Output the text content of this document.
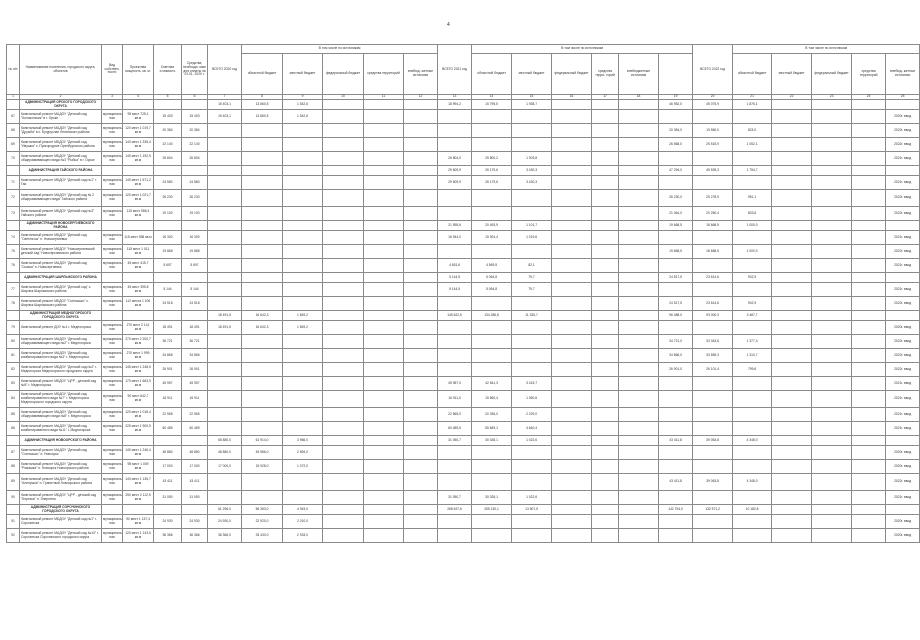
4
№ п/п	Наименование поселения, городского округа, объектов	Вид собствен- ности	Проектная мощность, кв. м.	Сметная стоимость	Средства, необходи- мые для оплаты на 01.01. 2020 г.	ВСЕГО 2020 год	В том числе по источникам					ВСЕГО 2021 год	В том числе по источникам						ВСЕГО 2022 год	В том числе по источникам	
							областной бюджет	местный бюджет	федеральный бюджет	средства территорий	внебюд- жетные источники		областной бюджет	местный бюджет	федеральный бюджет	средства терри- торий	внебюджетные источники			областной бюджет	местный бюджет	федеральный бюджет	средства территорий	внебюд- жетные источники	
1	2	3	4	5	6	7	8	9	10	11	12	13	14	15	16	17	18	19	20	21	22	23	24	25	
	АДМИНИСТРАЦИЯ ОРСКОГО ГОРОДСКОГО ОКРУГА					15 403,1	13 860,5	1 542,6				18 994,2	15 795,5	1 938,7				46 952,0	45 075,9	1 876,1					
67	Капитальный ремонт МАДОУ "Детский сад "Колокольчик" в г. Орске	муниципаль- ная	95 мест 725,1 кв.м	15 403	15 403	15 403,1	13 860,5	1 542,6																2020г. ввод	
68	Капитальный ремонт МАДОУ "Детский сад "Дружба" в с. Бугуруслан Ленинского района	муниципаль- ная	120 мест 1 019,7 кв.м	20 384	20 384													20 384,0	19 560,0	824,0				2022г. ввод	
69	Капитальный ремонт МБДОУ "Детский сад "Ивушка" с. Пригородное Оренбургского района	муниципаль- ная	140 мест 1 335,4 кв.м	22 140	22 140													26 568,0	25 515,9	1 052,1				2022г. ввод	
70	Капитальный ремонт МБДОУ "Детский сад общеразвивающего вида №3 "Рыбка" в г. Орске	муниципаль- ная	140 мест 1 192,9 кв.м	26 804	26 804							26 804,0	25 800,2	1 003,8										2021г. ввод	
	АДМИНИСТРАЦИЯ ГАЙСКОГО РАЙОНА											29 609,9	26 179,6	3 430,3				47 294,0	45 539,3	1 754,7					
71	Капитальный ремонт МБДОУ "Детский сад №1" г. Гая	муниципаль- ная	140 мест 1 571,2 кв.м	24 580	24 580							29 609,9	26 179,6	3 430,3										2021г. ввод	
72	Капитальный ремонт МАДОУ "Детский сад № 2 общеразвивающего вида" Гайского района	муниципаль- ная	120 мест 1 021,7 кв.м	26 230	26 230													26 230,0	25 278,9	951,1				2022г. ввод	
73	Капитальный ремонт МБДОУ "Детский сад №3" Гайского района	муниципаль- ная	115 мест 986,4 кв.м	19 100	19 100													21 064,0	20 260,4	803,6				2022г. ввод	
	АДМИНИСТРАЦИЯ НОВОСЕРГИЕВСКОГО РАЙОНА											21 595,6	20 493,9	1 101,7				19 668,5	18 668,5	1 000,0					
74	Капитальный ремонт МБДОУ "Детский сад "Светлячок" п. Новосергиевка	муниципаль- ная	115 мест 958 кв.м	16 300	16 300							16 944,0	15 924,4	1 019,6										2021г. ввод	
75	Капитальный ремонт МБДОУ "Новосергиевский детский сад" Новосергиевского района	муниципаль- ная	115 мест 1 011 кв.м	19 868	19 868													19 668,5	18 668,5	1 000,0				2022г. ввод	
76	Капитальный ремонт МАДОУ "Детский сад "Сказка" п. Новосергиевка	муниципаль- ная	45 мест 415,7 кв.м	5 697	5 697							4 651,6	4 569,5	82,1										2021г. ввод	
	АДМИНИСТРАЦИЯ ШАРЛЫКСКОГО РАЙОНА											5 144,5	5 064,8	79,7				24 517,5	23 614,6	902,9					
77	Капитальный ремонт МБДОУ "Детский сад" с. Шарлык Шарлыкского района	муниципаль- ная	45 мест 395,8 кв.м	5 144	5 144							5 144,5	5 064,8	79,7										2021г. ввод	
78	Капитальный ремонт МБДОУ "Солнышко" с. Шарлык Шарлыкского района	муниципаль- ная	112 места 1 106 кв.м	24 518	24 518													24 517,5	23 614,6	902,9				2022г. ввод	
	АДМИНИСТРАЦИЯ МЕДНОГОРСКОГО ГОРОДСКОГО ОКРУГА					18 491,5	16 642,3	1 849,2				145 622,5	134 286,8	11 335,7				96 488,0	93 000,3	3 487,7					
79	Капитальный ремонт ДОУ №1 г. Медногорска	муниципаль- ная	270 мест 2 141 кв.м	18 491	18 491	18 491,5	16 642,3	1 849,2																2020г. ввод	
80	Капитальный ремонт МАДОУ "Детский сад общеразвивающего вида №2" г. Медногорска	муниципаль- ная	270 мест 2 200,7 кв.м	36 721	36 721													34 721,0	33 343,6	1 377,4				2022г. ввод	
81	Капитальный ремонт МАДОУ "Детский сад комбинированного вида №3" г. Медногорска	муниципаль- ная	270 мест 1 999 кв.м	34 866	34 866													34 866,0	33 555,3	1 310,7				2022г. ввод	
82	Капитальный ремонт МБДОУ "Детский сад №4" г. Медногорска Медногорского городского округа	муниципаль- ная	145 мест 1 248,5 кв.м	26 901	26 901													26 901,0	26 101,4	799,6				2022г. ввод	
83	Капитальный ремонт МБДОУ "ЦРР - детский сад №5" г. Медногорска	муниципаль- ная	170 мест 1 663,9 кв.м	45 957	45 957							45 957,0	42 541,3	3 415,7										2021г. ввод	
84	Капитальный ремонт МБДОУ "Детский сад комбинированного вида №7" г. Медногорска Медногорского городского округа	муниципаль- ная	90 мест 642,7 кв.м	16 911	16 911							16 911,0	15 560,4	1 350,6										2021г. ввод	
85	Капитальный ремонт МАДОУ "Детский сад общеразвивающего вида №8" г. Медногорска	муниципаль- ная	120 мест 1 018,4 кв.м	22 565	22 565							22 565,0	20 336,0	2 229,0										2021г. ввод	
86	Капитальный ремонт МАДОУ "Детский сад комбинированного вида №11" г. Медногорска	муниципаль- ная	225 мест 1 900,9 кв.м	60 489	60 489							60 489,5	55 849,1	4 640,4										2021г. ввод	
	АДМИНИСТРАЦИЯ НОВООРСКОГО РАЙОНА					65 880,0	61 914,0	3 966,0				31 050,7	30 028,1	1 022,6				43 411,8	39 063,8	4 348,0					
87	Капитальный ремонт МАДОУ "Детский сад "Солнышко" п. Новоорск	муниципаль- ная	140 мест 1 246,4 кв.м	48 880	48 880	48 880,0	45 986,0	2 894,0																2020г. ввод	
88	Капитальный ремонт МАДОУ "Детский сад "Ромашка" п. Новоорск Новоорского района	муниципаль- ная	98 мест 1 009 кв.м	17 000	17 000	17 000,0	15 928,0	1 072,0																2020г. ввод	
89	Капитальный ремонт МАДОУ "Детский сад "Аленушка" п. Гранитный Новоорского района	муниципаль- ная	140 мест 1 135,7 кв.м	43 411	43 411													43 411,8	39 063,8	4 348,0				2022г. ввод	
90	Капитальный ремонт МБДОУ "ЦРР - детский сад "Березка" п. Энергетик	муниципаль- ная	250 мест 2 112,5 кв.м	31 050	31 050							31 050,7	30 028,1	1 022,6										2021г. ввод	
	АДМИНИСТРАЦИЯ СОРОЧИНСКОГО ГОРОДСКОГО ОКРУГА					61 296,0	56 353,0	4 943,0				268 637,6	255 130,1	13 507,5				142 754,0	132 571,2	10 182,8					
91	Капитальный ремонт МБДОУ "Детский сад №1" г. Сорочинска	муниципаль- ная	90 мест 1 137,4 кв.м	24 930	24 930	24 930,0	22 920,0	2 010,0																2020г. ввод	
92	Капитальный ремонт МАДОУ "Детский сад №10" г. Сорочинска Сорочинского городского округа	муниципаль- ная	120 мест 1 143,5 кв.м	36 366	36 366	36 366,0	33 433,0	2 933,0																2020г. ввод	
